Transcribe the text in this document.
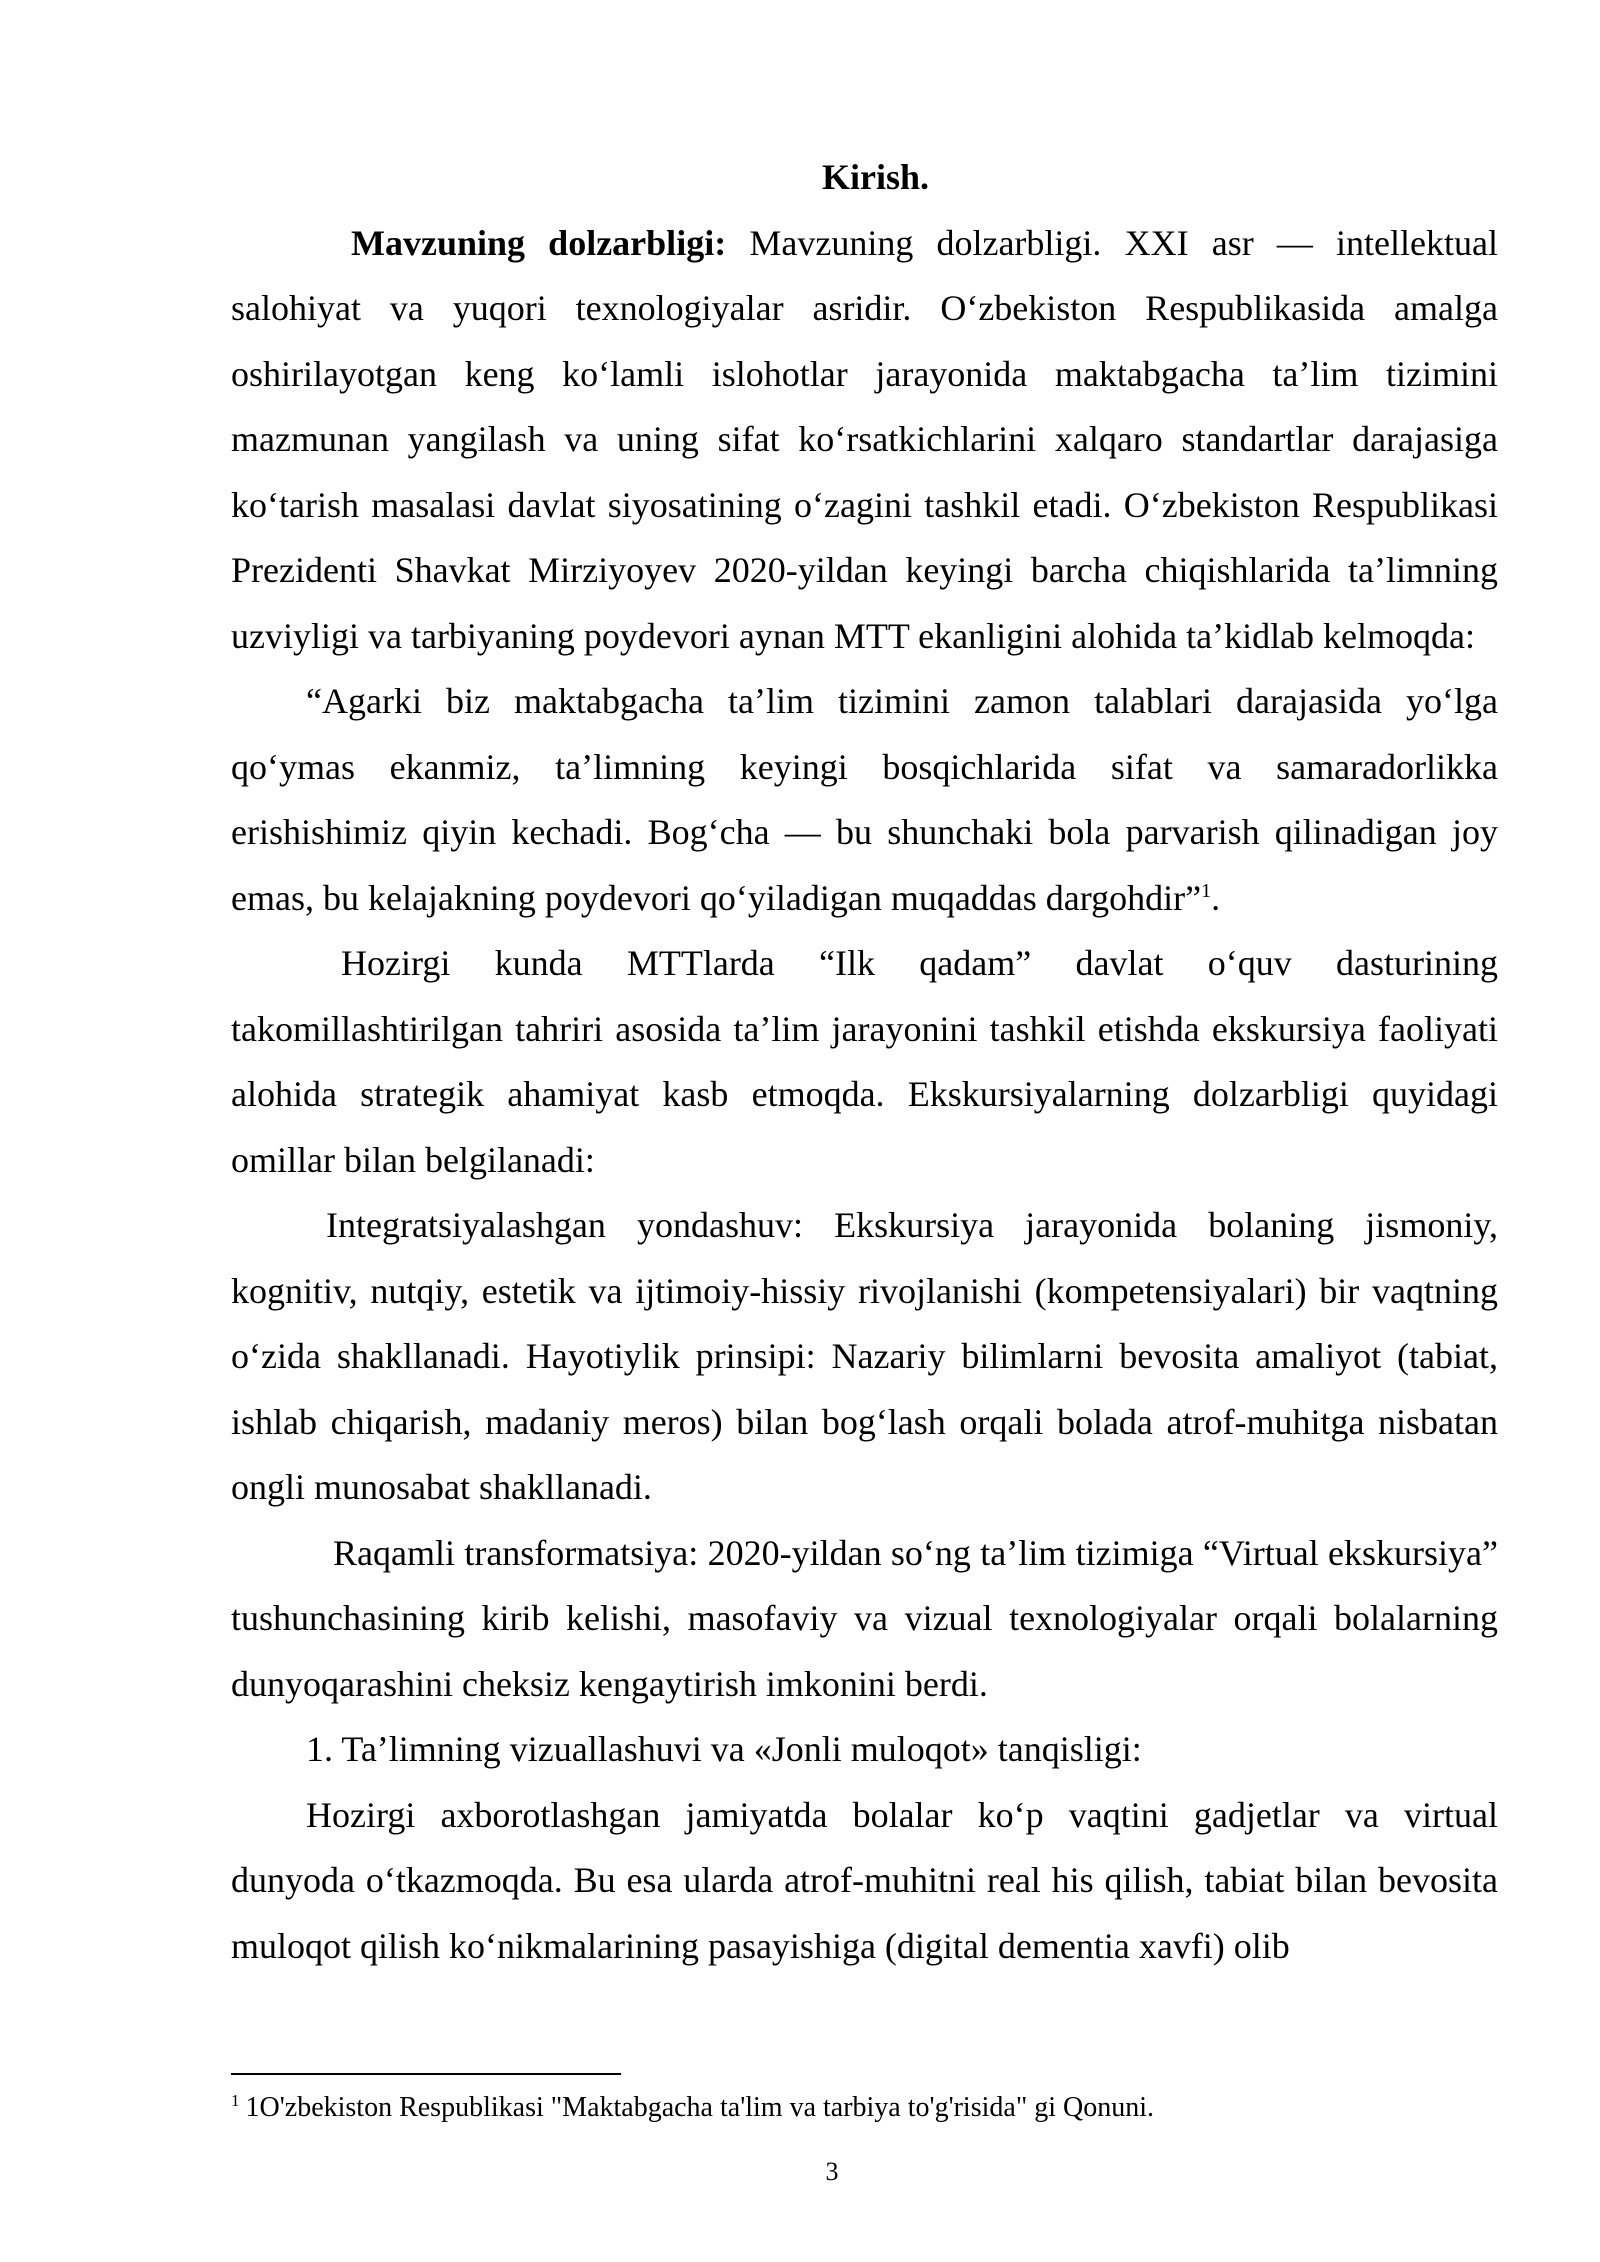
Kirish.

Mavzuning dolzarbligi: Mavzuning dolzarbligi. XXI asr — intellektual salohiyat va yuqori texnologiyalar asridir. Oʻzbekiston Respublikasida amalga oshirilayotgan keng koʻlamli islohotlar jarayonida maktabgacha taʼlim tizimini mazmunan yangilash va uning sifat koʻrsatkichlarini xalqaro standartlar darajasiga koʻtarish masalasi davlat siyosatining oʻzagini tashkil etadi. Oʻzbekiston Respublikasi Prezidenti Shavkat Mirziyoyev 2020-yildan keyingi barcha chiqishlarida taʼlimning uzviyligi va tarbiyaning poydevori aynan MTT ekanligini alohida taʼkidlab kelmoqda:

“Agarki biz maktabgacha taʼlim tizimini zamon talablari darajasida yoʻlga qoʻymas ekanmiz, taʼlimning keyingi bosqichlarida sifat va samaradorlikka erishishimiz qiyin kechadi. Bogʻcha — bu shunchaki bola parvarish qilinadigan joy emas, bu kelajakning poydevori qoʻyiladigan muqaddas dargohdir”$^1$.

Hozirgi kunda MTTlarda “Ilk qadam” davlat oʻquv dasturining takomillashtirilgan tahriri asosida taʼlim jarayonini tashkil etishda ekskursiya faoliyati alohida strategik ahamiyat kasb etmoqda. Ekskursiyalarning dolzarbligi quyidagi omillar bilan belgilanadi:

Integratsiyalashgan yondashuv: Ekskursiya jarayonida bolaning jismoniy, kognitiv, nutqiy, estetik va ijtimoiy-hissiy rivojlanishi (kompetensiyalari) bir vaqtning oʻzida shakllanadi. Hayotiylik prinsipi: Nazariy bilimlarni bevosita amaliyot (tabiat, ishlab chiqarish, madaniy meros) bilan bogʻlash orqali bolada atrof-muhitga nisbatan ongli munosabat shakllanadi.

Raqamli transformatsiya: 2020-yildan soʻng taʼlim tizimiga “Virtual ekskursiya” tushunchasining kirib kelishi, masofaviy va vizual texnologiyalar orqali bolalarning dunyoqarashini cheksiz kengaytirish imkonini berdi.

1. Taʼlimning vizuallashuvi va «Jonli muloqot» tanqisligi:

Hozirgi axborotlashgan jamiyatda bolalar koʻp vaqtini gadjetlar va virtual dunyoda oʻtkazmoqda. Bu esa ularda atrof-muhitni real his qilish, tabiat bilan bevosita muloqot qilish koʻnikmalarining pasayishiga (digital dementia xavfi) olib

$^1$ 1O'zbekiston Respublikasi "Maktabgacha ta'lim va tarbiya to'g'risida" gi Qonuni.

3
